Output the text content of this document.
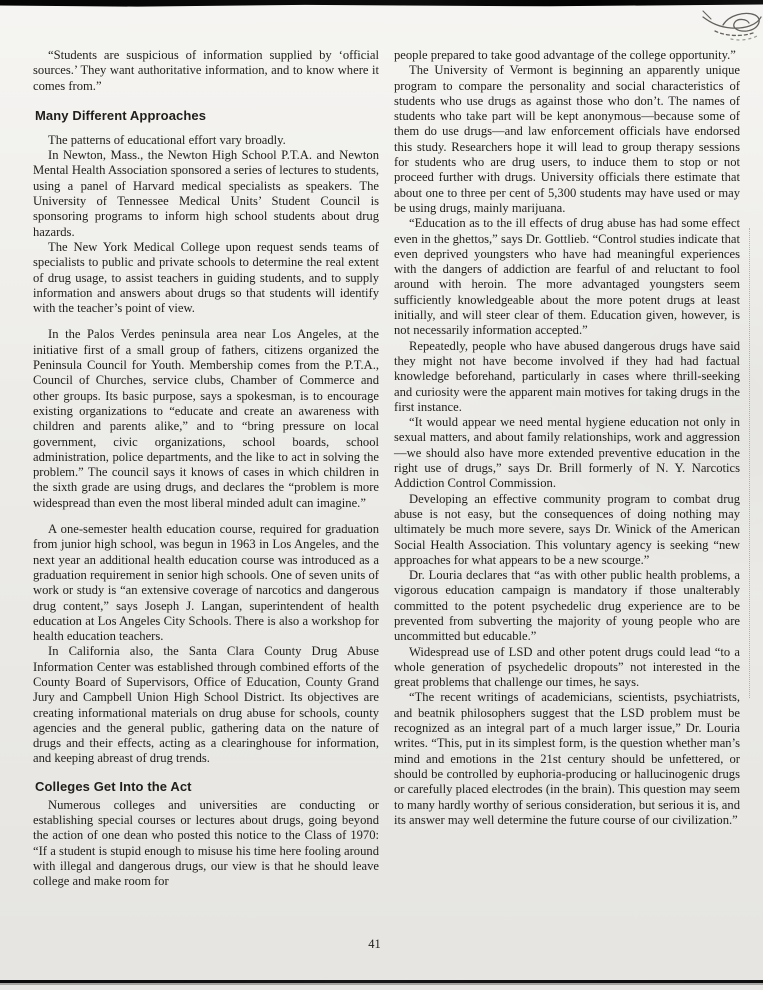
“Students are suspicious of information supplied by ‘official sources.’ They want authoritative information, and to know where it comes from.”

Many Different Approaches

The patterns of educational effort vary broadly.

In Newton, Mass., the Newton High School P.T.A. and Newton Mental Health Association sponsored a series of lectures to students, using a panel of Harvard medical specialists as speakers. The University of Tennessee Medical Units’ Student Council is sponsoring programs to inform high school students about drug hazards.

The New York Medical College upon request sends teams of specialists to public and private schools to determine the real extent of drug usage, to assist teachers in guiding students, and to supply information and answers about drugs so that students will identify with the teacher’s point of view.

In the Palos Verdes peninsula area near Los Angeles, at the initiative first of a small group of fathers, citizens organized the Peninsula Council for Youth. Membership comes from the P.T.A., Council of Churches, service clubs, Chamber of Commerce and other groups. Its basic purpose, says a spokesman, is to encourage existing organizations to “educate and create an awareness with children and parents alike,” and to “bring pressure on local government, civic organizations, school boards, school administration, police departments, and the like to act in solving the problem.” The council says it knows of cases in which children in the sixth grade are using drugs, and declares the “problem is more widespread than even the most liberal minded adult can imagine.”

A one-semester health education course, required for graduation from junior high school, was begun in 1963 in Los Angeles, and the next year an additional health education course was introduced as a graduation requirement in senior high schools. One of seven units of work or study is “an extensive coverage of narcotics and dangerous drug content,” says Joseph J. Langan, superintendent of health education at Los Angeles City Schools. There is also a workshop for health education teachers.

In California also, the Santa Clara County Drug Abuse Information Center was established through combined efforts of the County Board of Supervisors, Office of Education, County Grand Jury and Campbell Union High School District. Its objectives are creating informational materials on drug abuse for schools, county agencies and the general public, gathering data on the nature of drugs and their effects, acting as a clearinghouse for information, and keeping abreast of drug trends.

Colleges Get Into the Act

Numerous colleges and universities are conducting or establishing special courses or lectures about drugs, going beyond the action of one dean who posted this notice to the Class of 1970: “If a student is stupid enough to misuse his time here fooling around with illegal and dangerous drugs, our view is that he should leave college and make room for

people prepared to take good advantage of the college opportunity.”

The University of Vermont is beginning an apparently unique program to compare the personality and social characteristics of students who use drugs as against those who don’t. The names of students who take part will be kept anonymous—because some of them do use drugs—and law enforcement officials have endorsed this study. Researchers hope it will lead to group therapy sessions for students who are drug users, to induce them to stop or not proceed further with drugs. University officials there estimate that about one to three per cent of 5,300 students may have used or may be using drugs, mainly marijuana.

“Education as to the ill effects of drug abuse has had some effect even in the ghettos,” says Dr. Gottlieb. “Control studies indicate that even deprived youngsters who have had meaningful experiences with the dangers of addiction are fearful of and reluctant to fool around with heroin. The more advantaged youngsters seem sufficiently knowledgeable about the more potent drugs at least initially, and will steer clear of them. Education given, however, is not necessarily information accepted.”

Repeatedly, people who have abused dangerous drugs have said they might not have become involved if they had had factual knowledge beforehand, particularly in cases where thrill-seeking and curiosity were the apparent main motives for taking drugs in the first instance.

“It would appear we need mental hygiene education not only in sexual matters, and about family relationships, work and aggression—we should also have more extended preventive education in the right use of drugs,” says Dr. Brill formerly of N. Y. Narcotics Addiction Control Commission.

Developing an effective community program to combat drug abuse is not easy, but the consequences of doing nothing may ultimately be much more severe, says Dr. Winick of the American Social Health Association. This voluntary agency is seeking “new approaches for what appears to be a new scourge.”

Dr. Louria declares that “as with other public health problems, a vigorous education campaign is mandatory if those unalterably committed to the potent psychedelic drug experience are to be prevented from subverting the majority of young people who are uncommitted but educable.”

Widespread use of LSD and other potent drugs could lead “to a whole generation of psychedelic dropouts” not interested in the great problems that challenge our times, he says.

“The recent writings of academicians, scientists, psychiatrists, and beatnik philosophers suggest that the LSD problem must be recognized as an integral part of a much larger issue,” Dr. Louria writes. “This, put in its simplest form, is the question whether man’s mind and emotions in the 21st century should be unfettered, or should be controlled by euphoria-producing or hallucinogenic drugs or carefully placed electrodes (in the brain). This question may seem to many hardly worthy of serious consideration, but serious it is, and its answer may well determine the future course of our civilization.”

41
